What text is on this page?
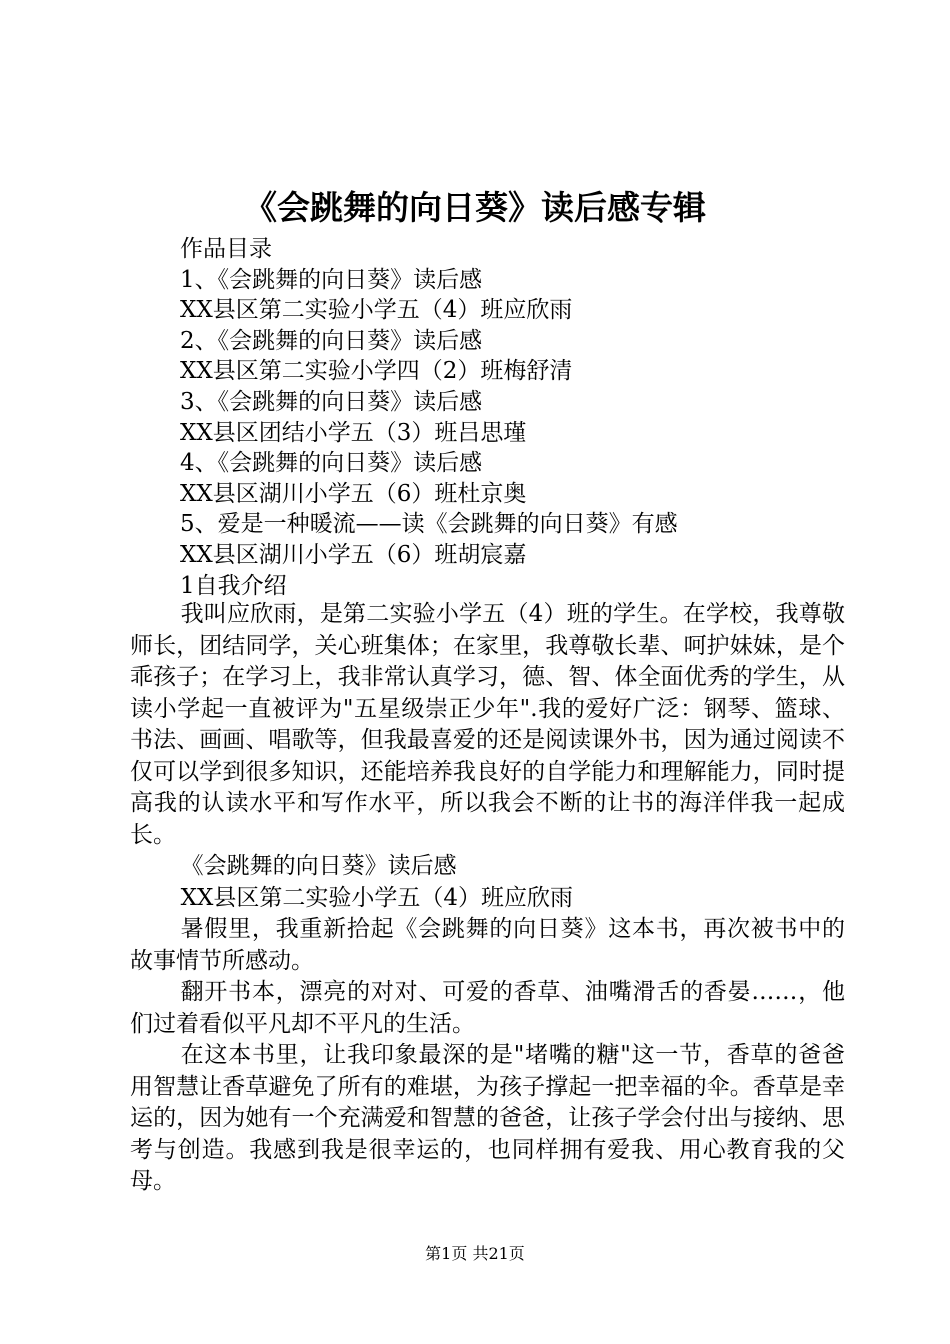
《会跳舞的向日葵》读后感专辑
作品目录
1、《会跳舞的向日葵》读后感
XX县区第二实验小学五（4）班应欣雨
2、《会跳舞的向日葵》读后感
XX县区第二实验小学四（2）班梅舒清
3、《会跳舞的向日葵》读后感
XX县区团结小学五（3）班吕思瑾
4、《会跳舞的向日葵》读后感
XX县区湖川小学五（6）班杜京奥
5、爱是一种暖流——读《会跳舞的向日葵》有感
XX县区湖川小学五（6）班胡宸嘉
1自我介绍

我叫应欣雨，是第二实验小学五（4）班的学生。在学校，我尊敬师长，团结同学，关心班集体；在家里，我尊敬长辈、呵护妹妹，是个乖孩子；在学习上，我非常认真学习，德、智、体全面优秀的学生，从读小学起一直被评为"五星级崇正少年".我的爱好广泛：钢琴、篮球、书法、画画、唱歌等，但我最喜爱的还是阅读课外书，因为通过阅读不仅可以学到很多知识，还能培养我良好的自学能力和理解能力，同时提高我的认读水平和写作水平，所以我会不断的让书的海洋伴我一起成长。

《会跳舞的向日葵》读后感

XX县区第二实验小学五（4）班应欣雨

暑假里，我重新拾起《会跳舞的向日葵》这本书，再次被书中的故事情节所感动。

翻开书本，漂亮的对对、可爱的香草、油嘴滑舌的香晏……，他们过着看似平凡却不平凡的生活。

在这本书里，让我印象最深的是"堵嘴的糖"这一节，香草的爸爸用智慧让香草避免了所有的难堪，为孩子撑起一把幸福的伞。香草是幸运的，因为她有一个充满爱和智慧的爸爸，让孩子学会付出与接纳、思考与创造。我感到我是很幸运的，也同样拥有爱我、用心教育我的父母。

第1页 共21页
